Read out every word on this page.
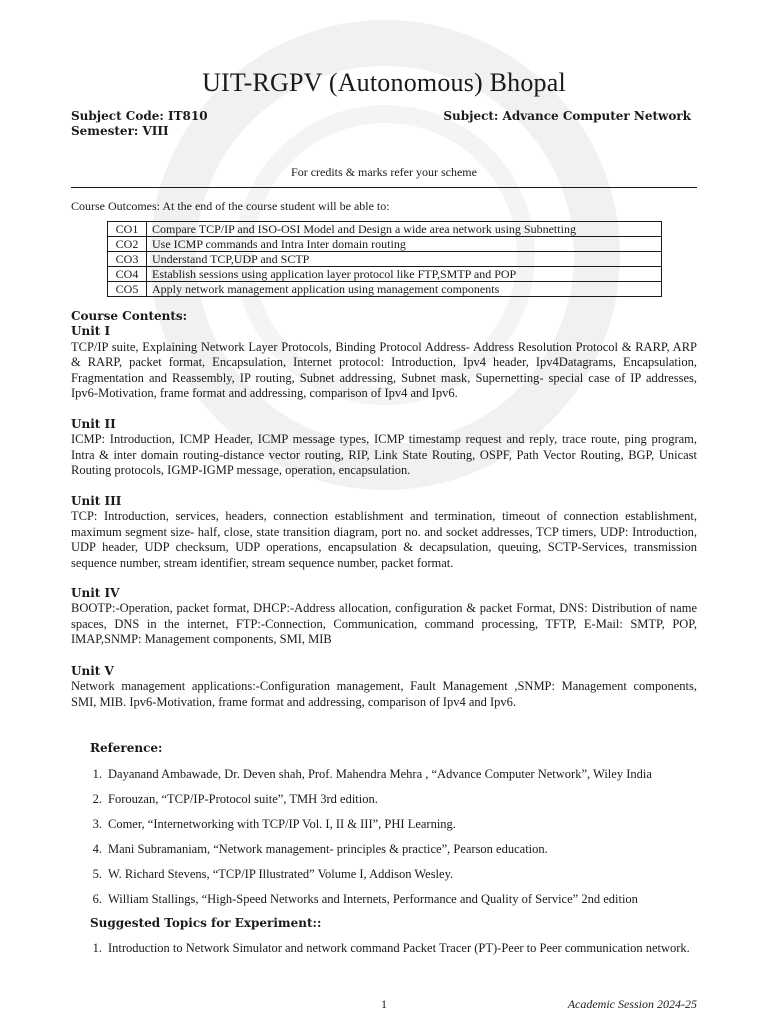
UIT-RGPV (Autonomous) Bhopal
Subject Code: IT810
Semester: VIII
Subject: Advance Computer Network
For credits & marks refer your scheme
Course Outcomes: At the end of the course student will be able to:
CO1	Compare TCP/IP and ISO-OSI Model and Design a wide area network using Subnetting
CO2	Use ICMP commands and Intra Inter domain routing
CO3	Understand TCP,UDP and SCTP
CO4	Establish sessions using application layer protocol like FTP,SMTP and POP
CO5	Apply network management application using management components
Course Contents:
Unit I
TCP/IP suite, Explaining Network Layer Protocols, Binding Protocol Address- Address Resolution Protocol & RARP, ARP & RARP, packet format, Encapsulation, Internet protocol: Introduction, Ipv4 header, Ipv4Datagrams, Encapsulation, Fragmentation and Reassembly, IP routing, Subnet addressing, Subnet mask, Supernetting- special case of IP addresses, Ipv6-Motivation, frame format and addressing, comparison of Ipv4 and Ipv6.
Unit II
ICMP: Introduction, ICMP Header, ICMP message types, ICMP timestamp request and reply, trace route, ping program, Intra & inter domain routing-distance vector routing, RIP, Link State Routing, OSPF, Path Vector Routing, BGP, Unicast Routing protocols, IGMP-IGMP message, operation, encapsulation.
Unit III
TCP: Introduction, services, headers, connection establishment and termination, timeout of connection establishment, maximum segment size- half, close, state transition diagram, port no. and socket addresses, TCP timers, UDP: Introduction, UDP header, UDP checksum, UDP operations, encapsulation & decapsulation, queuing, SCTP-Services, transmission sequence number, stream identifier, stream sequence number, packet format.
Unit IV
BOOTP:-Operation, packet format, DHCP:-Address allocation, configuration & packet Format, DNS: Distribution of name spaces, DNS in the internet, FTP:-Connection, Communication, command processing, TFTP, E-Mail: SMTP, POP, IMAP,SNMP: Management components, SMI, MIB
Unit V
Network management applications:-Configuration management, Fault Management ,SNMP: Management components, SMI, MIB. Ipv6-Motivation, frame format and addressing, comparison of Ipv4 and Ipv6.
Reference:
1. Dayanand Ambawade, Dr. Deven shah, Prof. Mahendra Mehra , “Advance Computer Network”, Wiley India
2. Forouzan, “TCP/IP-Protocol suite”, TMH 3rd edition.
3. Comer, “Internetworking with TCP/IP Vol. I, II & III”, PHI Learning.
4. Mani Subramaniam, “Network management- principles & practice”, Pearson education.
5. W. Richard Stevens, “TCP/IP Illustrated” Volume I, Addison Wesley.
6. William Stallings, “High-Speed Networks and Internets, Performance and Quality of Service” 2nd edition
Suggested Topics for Experiment::
1. Introduction to Network Simulator and network command Packet Tracer (PT)-Peer to Peer communication network.
1	Academic Session 2024-25
